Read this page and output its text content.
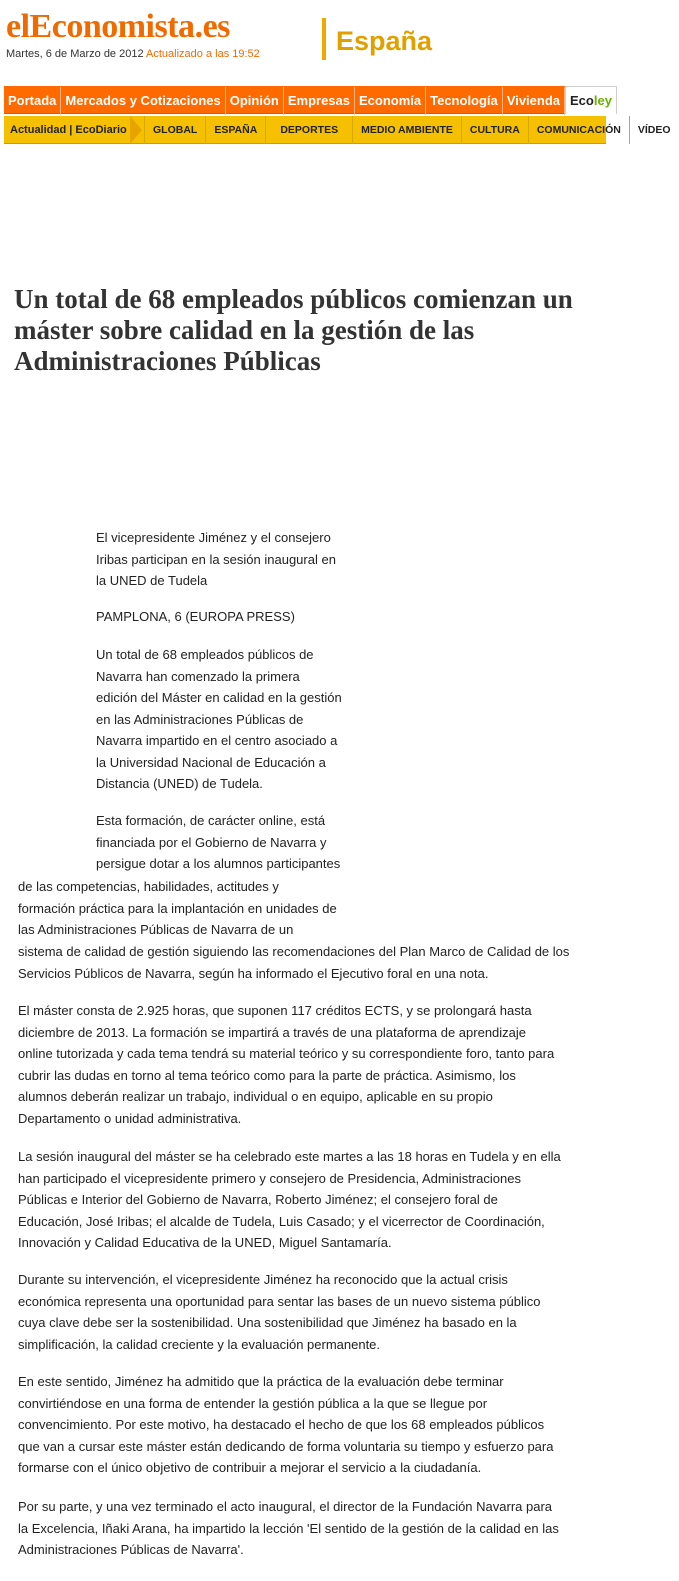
elEconomista.es
Martes, 6 de Marzo de 2012 Actualizado a las 19:52	España
Portada Mercados y Cotizaciones Opinión Empresas Economía Tecnología Vivienda Ecoley
Actualidad | EcoDiario	GLOBAL ESPAÑA DEPORTES MEDIO AMBIENTE CULTURA COMUNICACIÓN VÍDEO
Un total de 68 empleados públicos comienzan un máster sobre calidad en la gestión de las Administraciones Públicas
El vicepresidente Jiménez y el consejero
Iribas participan en la sesión inaugural en
la UNED de Tudela
PAMPLONA, 6 (EUROPA PRESS)
Un total de 68 empleados públicos de
Navarra han comenzado la primera
edición del Máster en calidad en la gestión
en las Administraciones Públicas de
Navarra impartido en el centro asociado a
la Universidad Nacional de Educación a
Distancia (UNED) de Tudela.
Esta formación, de carácter online, está
financiada por el Gobierno de Navarra y
persigue dotar a los alumnos participantes
de las competencias, habilidades, actitudes y
formación práctica para la implantación en unidades de
las Administraciones Públicas de Navarra de un
sistema de calidad de gestión siguiendo las recomendaciones del Plan Marco de Calidad de los
Servicios Públicos de Navarra, según ha informado el Ejecutivo foral en una nota.
El máster consta de 2.925 horas, que suponen 117 créditos ECTS, y se prolongará hasta
diciembre de 2013. La formación se impartirá a través de una plataforma de aprendizaje
online tutorizada y cada tema tendrá su material teórico y su correspondiente foro, tanto para
cubrir las dudas en torno al tema teórico como para la parte de práctica. Asimismo, los
alumnos deberán realizar un trabajo, individual o en equipo, aplicable en su propio
Departamento o unidad administrativa.
La sesión inaugural del máster se ha celebrado este martes a las 18 horas en Tudela y en ella
han participado el vicepresidente primero y consejero de Presidencia, Administraciones
Públicas e Interior del Gobierno de Navarra, Roberto Jiménez; el consejero foral de
Educación, José Iribas; el alcalde de Tudela, Luis Casado; y el vicerrector de Coordinación,
Innovación y Calidad Educativa de la UNED, Miguel Santamaría.
Durante su intervención, el vicepresidente Jiménez ha reconocido que la actual crisis
económica representa una oportunidad para sentar las bases de un nuevo sistema público
cuya clave debe ser la sostenibilidad. Una sostenibilidad que Jiménez ha basado en la
simplificación, la calidad creciente y la evaluación permanente.
En este sentido, Jiménez ha admitido que la práctica de la evaluación debe terminar
convirtiéndose en una forma de entender la gestión pública a la que se llegue por
convencimiento. Por este motivo, ha destacado el hecho de que los 68 empleados públicos
que van a cursar este máster están dedicando de forma voluntaria su tiempo y esfuerzo para
formarse con el único objetivo de contribuir a mejorar el servicio a la ciudadanía.
Por su parte, y una vez terminado el acto inaugural, el director de la Fundación Navarra para
la Excelencia, Iñaki Arana, ha impartido la lección 'El sentido de la gestión de la calidad en las
Administraciones Públicas de Navarra'.
